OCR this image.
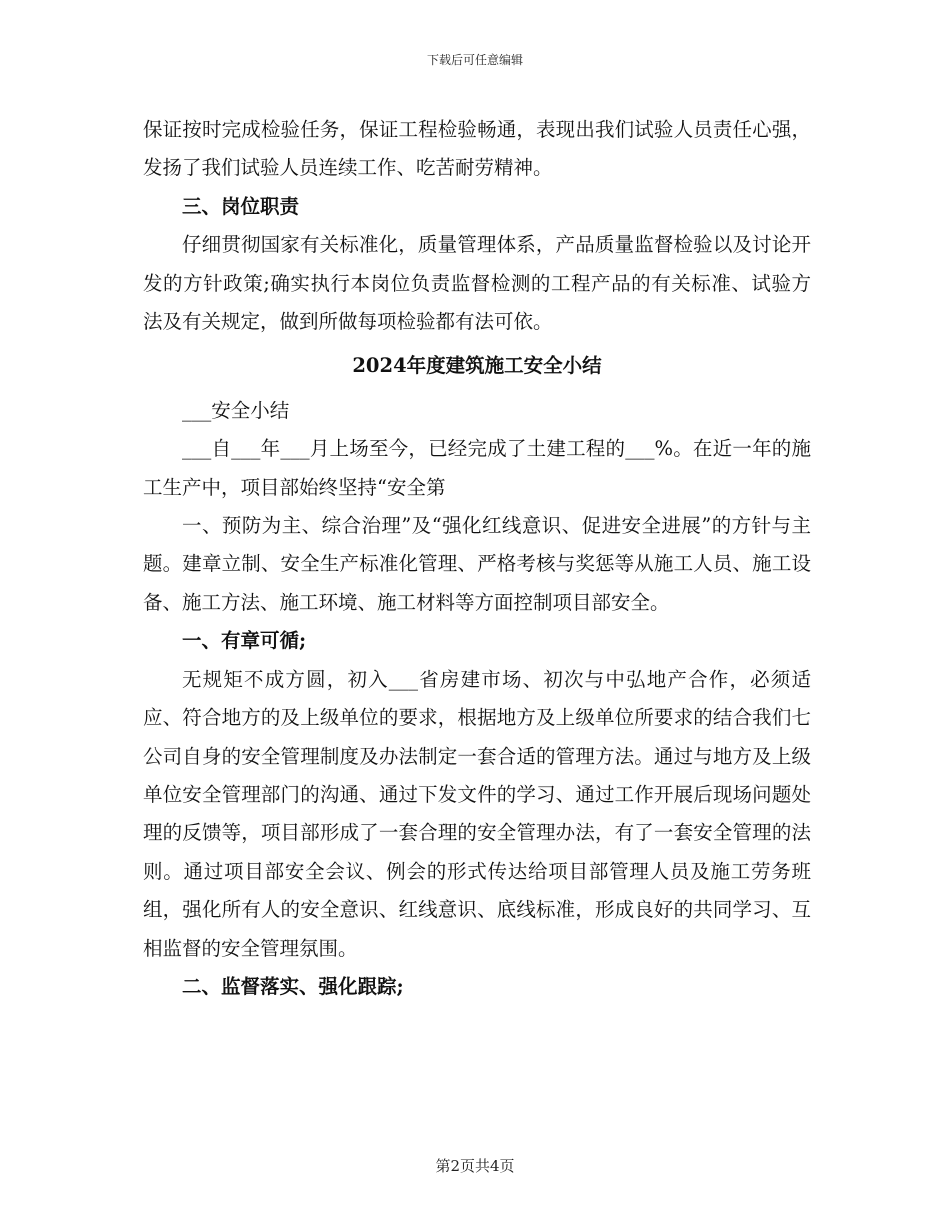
下载后可任意编辑

保证按时完成检验任务，保证工程检验畅通，表现出我们试验人员责任心强，发扬了我们试验人员连续工作、吃苦耐劳精神。

三、岗位职责

仔细贯彻国家有关标准化，质量管理体系，产品质量监督检验以及讨论开发的方针政策;确实执行本岗位负责监督检测的工程产品的有关标准、试验方法及有关规定，做到所做每项检验都有法可依。

2024年度建筑施工安全小结

___安全小结

___自___年___月上场至今，已经完成了土建工程的___%。在近一年的施工生产中，项目部始终坚持“安全第

一、预防为主、综合治理”及“强化红线意识、促进安全进展”的方针与主题。建章立制、安全生产标准化管理、严格考核与奖惩等从施工人员、施工设备、施工方法、施工环境、施工材料等方面控制项目部安全。

一、有章可循;

无规矩不成方圆，初入___省房建市场、初次与中弘地产合作，必须适应、符合地方的及上级单位的要求，根据地方及上级单位所要求的结合我们七公司自身的安全管理制度及办法制定一套合适的管理方法。通过与地方及上级单位安全管理部门的沟通、通过下发文件的学习、通过工作开展后现场问题处理的反馈等，项目部形成了一套合理的安全管理办法，有了一套安全管理的法则。通过项目部安全会议、例会的形式传达给项目部管理人员及施工劳务班组，强化所有人的安全意识、红线意识、底线标准，形成良好的共同学习、互相监督的安全管理氛围。

二、监督落实、强化跟踪;

第2页共4页
